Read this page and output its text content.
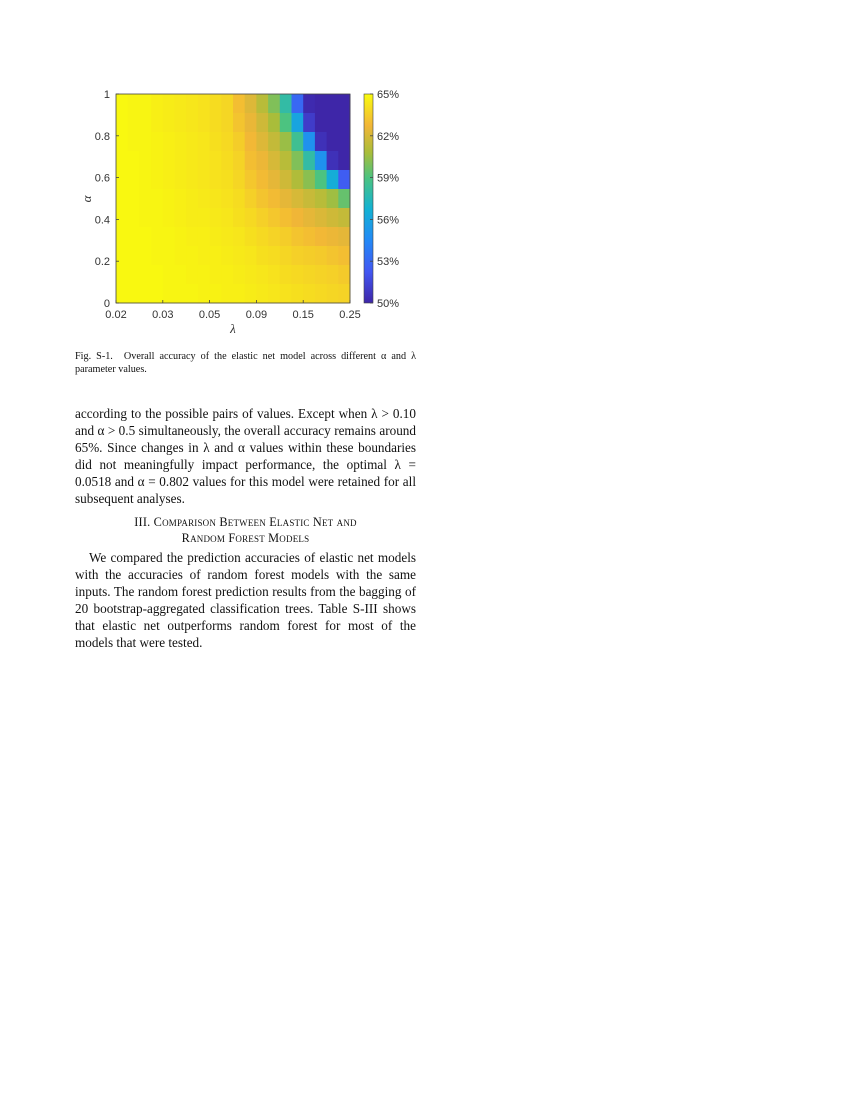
0.02 0.03 0.05 0.09 0.15 0.25
0
0.2
0.4
0.6
0.8
1
λ
α
50%
53%
56%
59%
62%
65%
Fig. S-1. Overall accuracy of the elastic net model across different α and λ parameter values.

according to the possible pairs of values. Except when λ > 0.10 and α > 0.5 simultaneously, the overall accuracy remains around 65%. Since changes in λ and α values within these boundaries did not meaningfully impact performance, the optimal λ = 0.0518 and α = 0.802 values for this model were retained for all subsequent analyses.

III. Comparison Between Elastic Net and
Random Forest Models

We compared the prediction accuracies of elastic net models with the accuracies of random forest models with the same inputs. The random forest prediction results from the bagging of 20 bootstrap-aggregated classification trees. Table S-III shows that elastic net outperforms random forest for most of the models that were tested.
